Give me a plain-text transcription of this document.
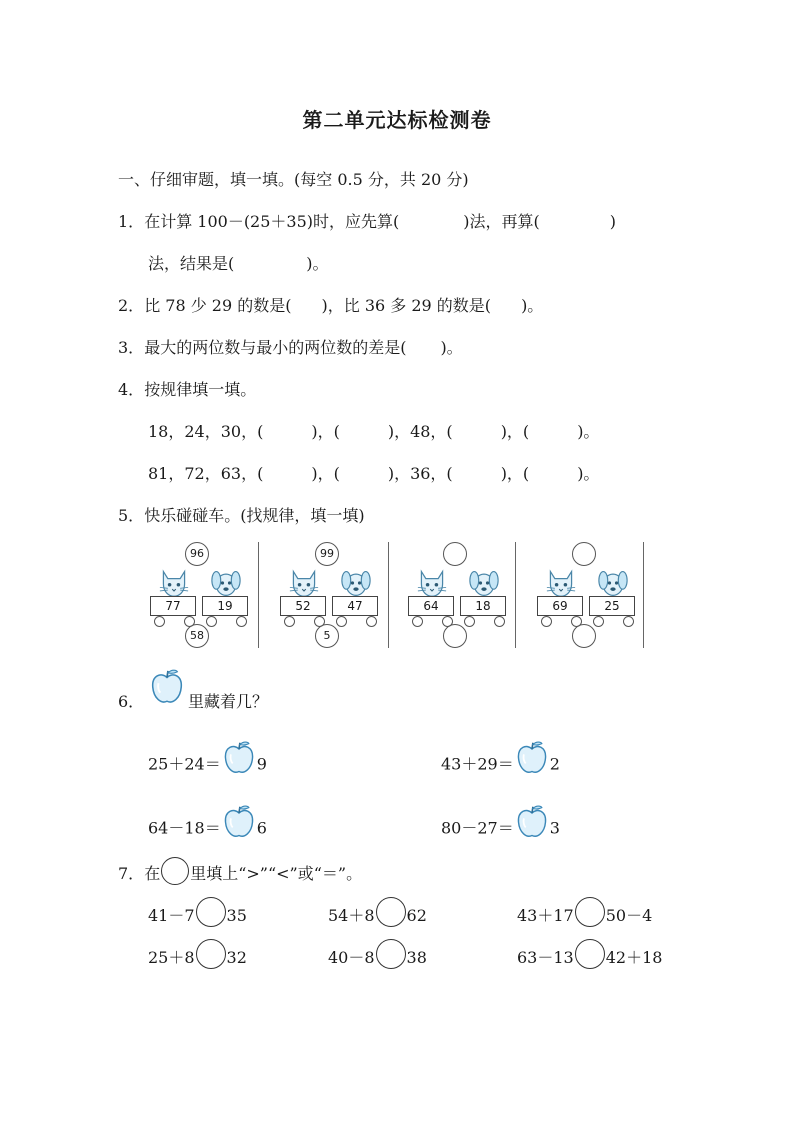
第二单元达标检测卷
一、仔细审题，填一填。(每空 0.5 分，共 20 分)
1．在计算 100－(25＋35)时，应先算(	)法，再算(	)
法，结果是(	)。
2．比 78 少 29 的数是( )，比 36 多 29 的数是( )。
3．最大的两位数与最小的两位数的差是( )。
4．按规律填一填。
18，24，30，(	)，(	)，48，(	)，(	)。
81，72，63，(	)，(	)，36，(	)，(	)。
5．快乐碰碰车。(找规律，填一填)
96
77	19
58
99
52	47
5
64	18	69	25
6．	里藏着几？
25＋24＝ 9	43＋29＝ 2
64－18＝ 6	80－27＝ 3
7．在 里填上“>”“<”或“＝”。
41－7 35	54＋8 62	43＋17 50－4
25＋8 32	40－8 38	63－13 42＋18
